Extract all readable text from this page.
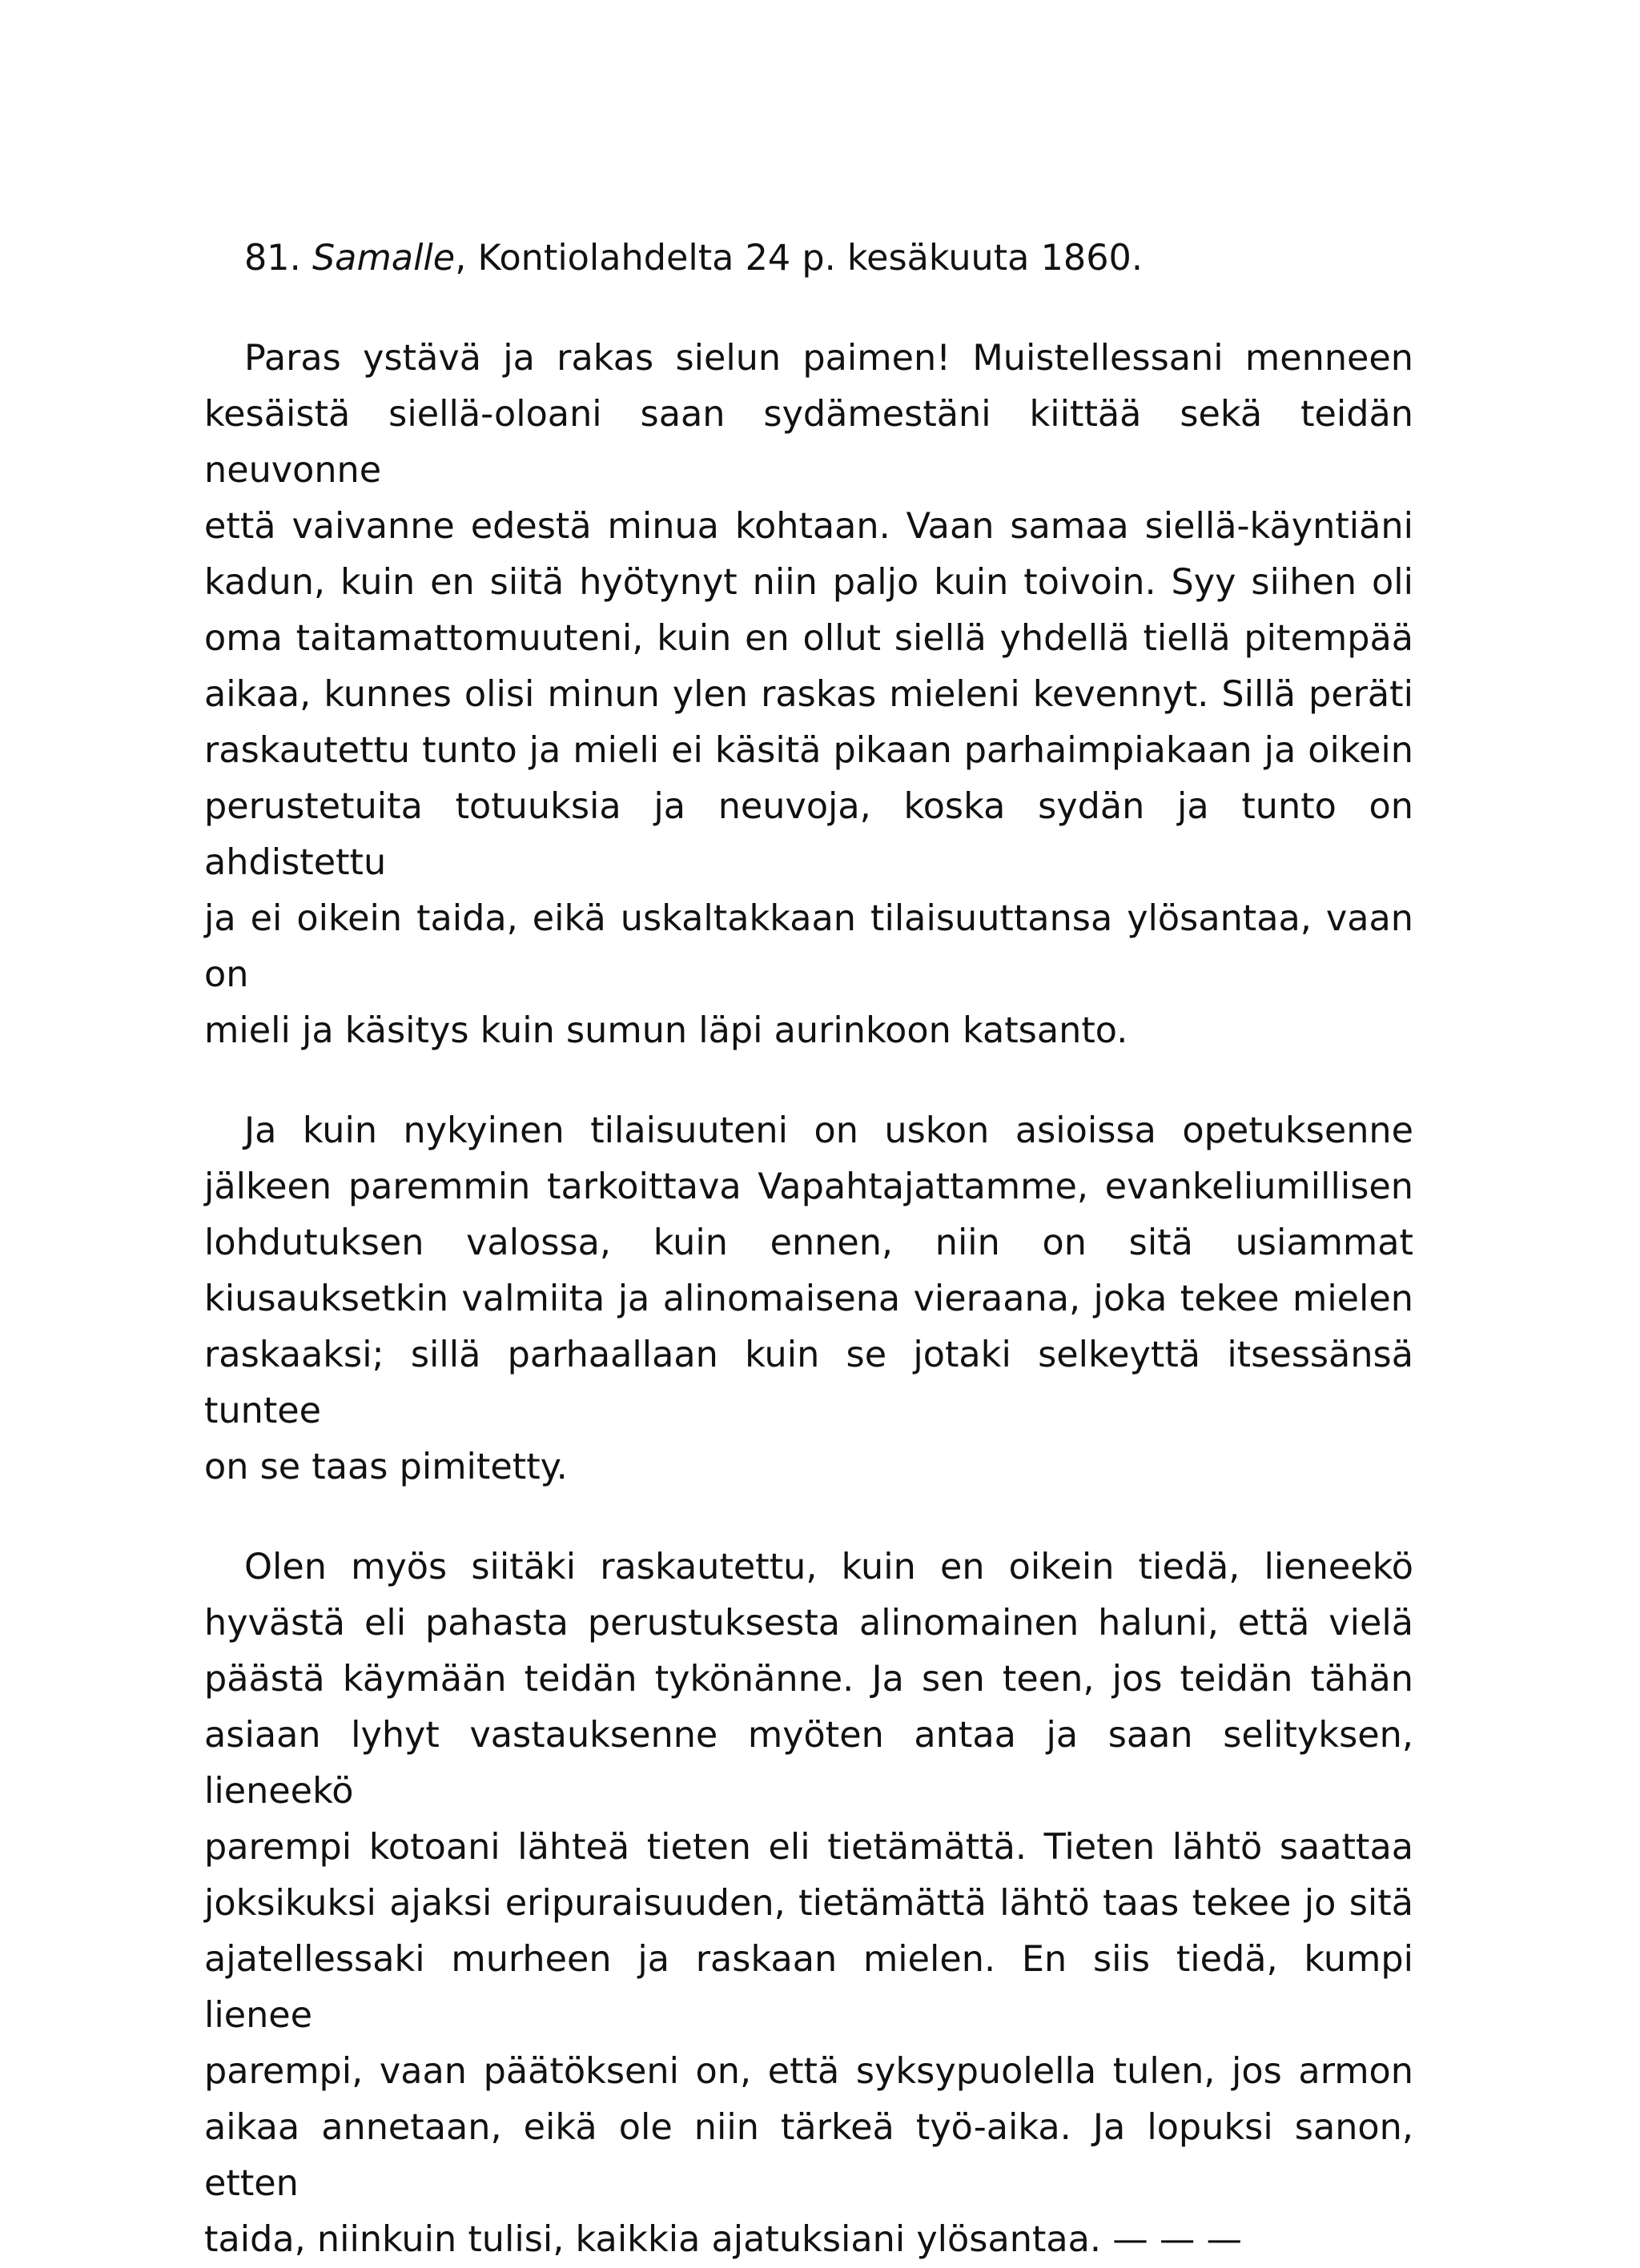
81. Samalle, Kontiolahdelta 24 p. kesäkuuta 1860.

Paras ystävä ja rakas sielun paimen! Muistellessani menneen
kesäistä siellä-oloani saan sydämestäni kiittää sekä teidän neuvonne
että vaivanne edestä minua kohtaan. Vaan samaa siellä-käyntiäni
kadun, kuin en siitä hyötynyt niin paljo kuin toivoin. Syy siihen oli
oma taitamattomuuteni, kuin en ollut siellä yhdellä tiellä pitempää
aikaa, kunnes olisi minun ylen raskas mieleni kevennyt. Sillä peräti
raskautettu tunto ja mieli ei käsitä pikaan parhaimpiakaan ja oikein
perustetuita totuuksia ja neuvoja, koska sydän ja tunto on ahdistettu
ja ei oikein taida, eikä uskaltakkaan tilaisuuttansa ylösantaa, vaan on
mieli ja käsitys kuin sumun läpi aurinkoon katsanto.
Ja kuin nykyinen tilaisuuteni on uskon asioissa opetuksenne
jälkeen paremmin tarkoittava Vapahtajattamme, evankeliumillisen
lohdutuksen valossa, kuin ennen, niin on sitä usiammat
kiusauksetkin valmiita ja alinomaisena vieraana, joka tekee mielen
raskaaksi; sillä parhaallaan kuin se jotaki selkeyttä itsessänsä tuntee
on se taas pimitetty.
Olen myös siitäki raskautettu, kuin en oikein tiedä, lieneekö
hyvästä eli pahasta perustuksesta alinomainen haluni, että vielä
päästä käymään teidän tykönänne. Ja sen teen, jos teidän tähän
asiaan lyhyt vastauksenne myöten antaa ja saan selityksen, lieneekö
parempi kotoani lähteä tieten eli tietämättä. Tieten lähtö saattaa
joksikuksi ajaksi eripuraisuuden, tietämättä lähtö taas tekee jo sitä
ajatellessaki murheen ja raskaan mielen. En siis tiedä, kumpi lienee
parempi, vaan päätökseni on, että syksypuolella tulen, jos armon
aikaa annetaan, eikä ole niin tärkeä työ-aika. Ja lopuksi sanon, etten
taida, niinkuin tulisi, kaikkia ajatuksiani ylösantaa. — — —
